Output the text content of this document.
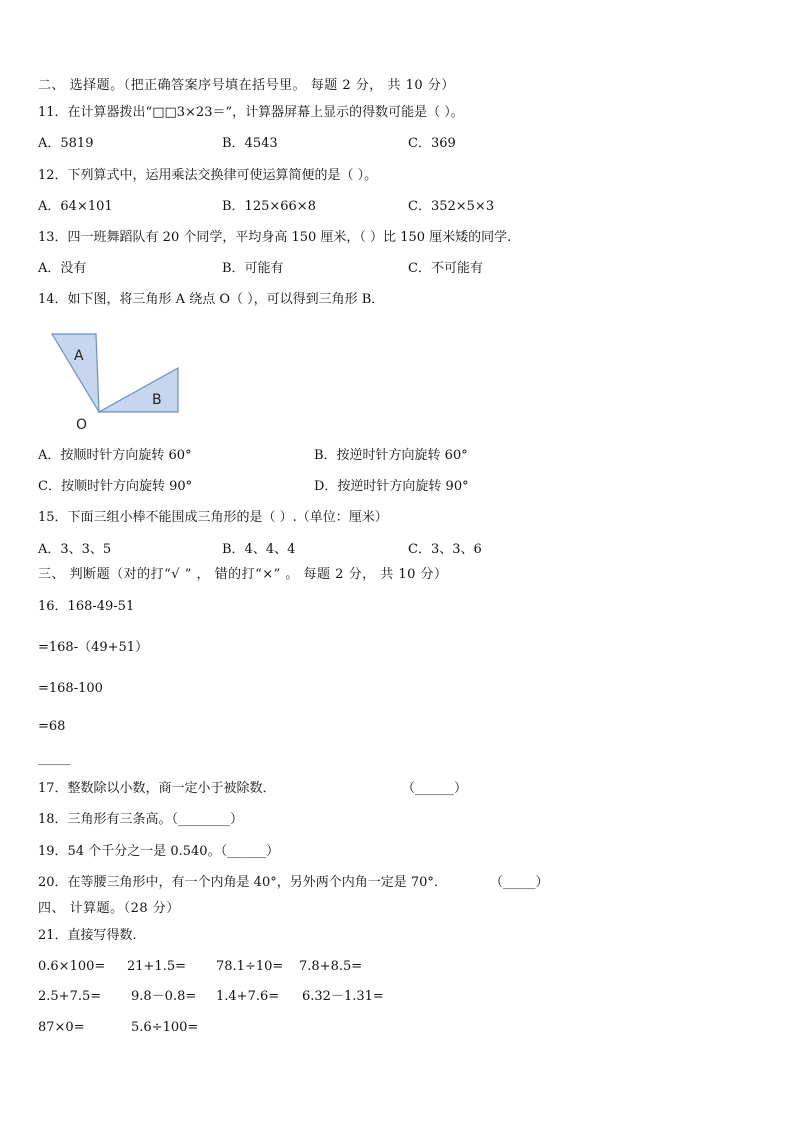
二、 选择题。（把正确答案序号填在括号里。 每题 2 分， 共 10 分）
11．在计算器拨出“□□3×23＝”，计算器屏幕上显示的得数可能是（ ）。
A．5819	B．4543	C．369
12．下列算式中，运用乘法交换律可使运算简便的是（ ）。
A．64×101	B．125×66×8	C．352×5×3
13．四一班舞蹈队有 20 个同学，平均身高 150 厘米，（ ）比 150 厘米矮的同学.
A．没有	B．可能有	C．不可能有
14．如下图，将三角形 A 绕点 O（ ），可以得到三角形 B．
A
B
O
A．按顺时针方向旋转 60°	B．按逆时针方向旋转 60°
C．按顺时针方向旋转 90°	D．按逆时针方向旋转 90°
15．下面三组小棒不能围成三角形的是（ ）.（单位：厘米）
A．3、3、5	B．4、4、4	C．3、3、6
三、 判断题（对的打“√ ” ， 错的打“×” 。 每题 2 分， 共 10 分）
16．168-49-51
=168-（49+51）
=168-100
=68
_____
17．整数除以小数，商一定小于被除数．	（______）
18．三角形有三条高。（________）
19．54 个千分之一是 0.540。（______）
20．在等腰三角形中，有一个内角是 40°，另外两个内角一定是 70°．	（_____）
四、 计算题。（28 分）
21．直接写得数.
0.6×100= 21+1.5= 78.1÷10= 7.8+8.5=
2.5+7.5= 9.8－0.8= 1.4+7.6= 6.32－1.31=
87×0=	5.6÷100=
